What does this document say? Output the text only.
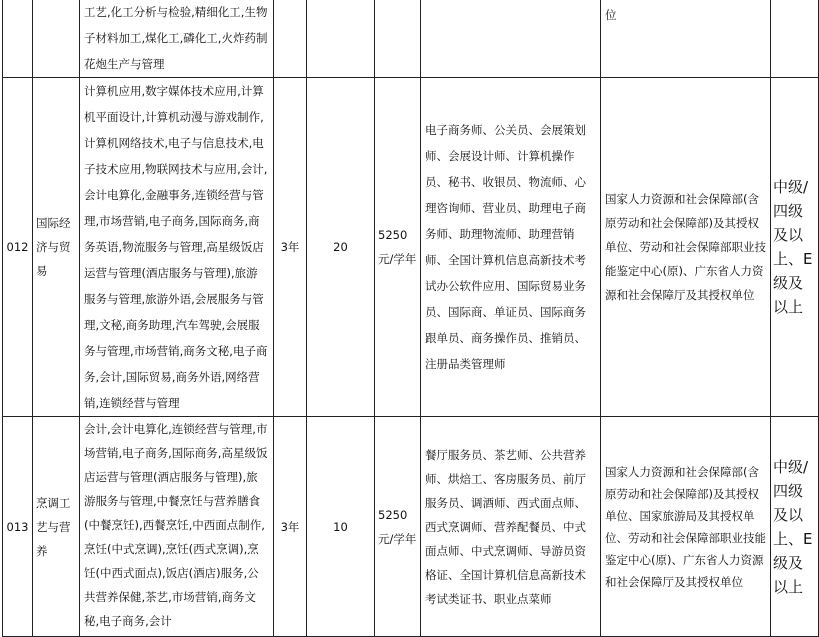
		工艺,化工分析与检验,精细化工,生物子材料加工,煤化工,磷化工,火炸药制花炮生产与管理					位	
012	国际经济与贸易	计算机应用,数字媒体技术应用,计算机平面设计,计算机动漫与游戏制作,计算机网络技术,电子与信息技术,电子技术应用,物联网技术与应用,会计,会计电算化,金融事务,连锁经营与管理,市场营销,电子商务,国际商务,商务英语,物流服务与管理,高星级饭店运营与管理(酒店服务与管理),旅游服务与管理,旅游外语,会展服务与管理,文秘,商务助理,汽车驾驶,会展服务与管理,市场营销,商务文秘,电子商务,会计,国际贸易,商务外语,网络营销,连锁经营与管理	3年	20	5250元/学年	电子商务师、公关员、会展策划师、会展设计师、计算机操作员、秘书、收银员、物流师、心理咨询师、营业员、助理电子商务师、助理物流师、助理营销师、全国计算机信息高新技术考试办公软件应用、国际贸易业务员、国际商、单证员、国际商务跟单员、商务操作员、推销员、注册品类管理师	国家人力资源和社会保障部(含原劳动和社会保障部)及其授权单位、劳动和社会保障部职业技能鉴定中心(原)、广东省人力资源和社会保障厅及其授权单位	中级/四级及以上、E级及以上
013	烹调工艺与营养	会计,会计电算化,连锁经营与管理,市场营销,电子商务,国际商务,高星级饭店运营与管理(酒店服务与管理),旅游服务与管理,中餐烹饪与营养膳食(中餐烹饪),西餐烹饪,中西面点制作,烹饪(中式烹调),烹饪(西式烹调),烹饪(中西式面点),饭店(酒店)服务,公共营养保健,茶艺,市场营销,商务文秘,电子商务,会计	3年	10	5250元/学年	餐厅服务员、茶艺师、公共营养师、烘焙工、客房服务员、前厅服务员、调酒师、西式面点师、西式烹调师、营养配餐员、中式面点师、中式烹调师、导游员资格证、全国计算机信息高新技术考试类证书、职业点菜师	国家人力资源和社会保障部(含原劳动和社会保障部)及其授权单位、国家旅游局及其授权单位、劳动和社会保障部职业技能鉴定中心(原)、广东省人力资源和社会保障厅及其授权单位	中级/四级及以上、E级及以上
